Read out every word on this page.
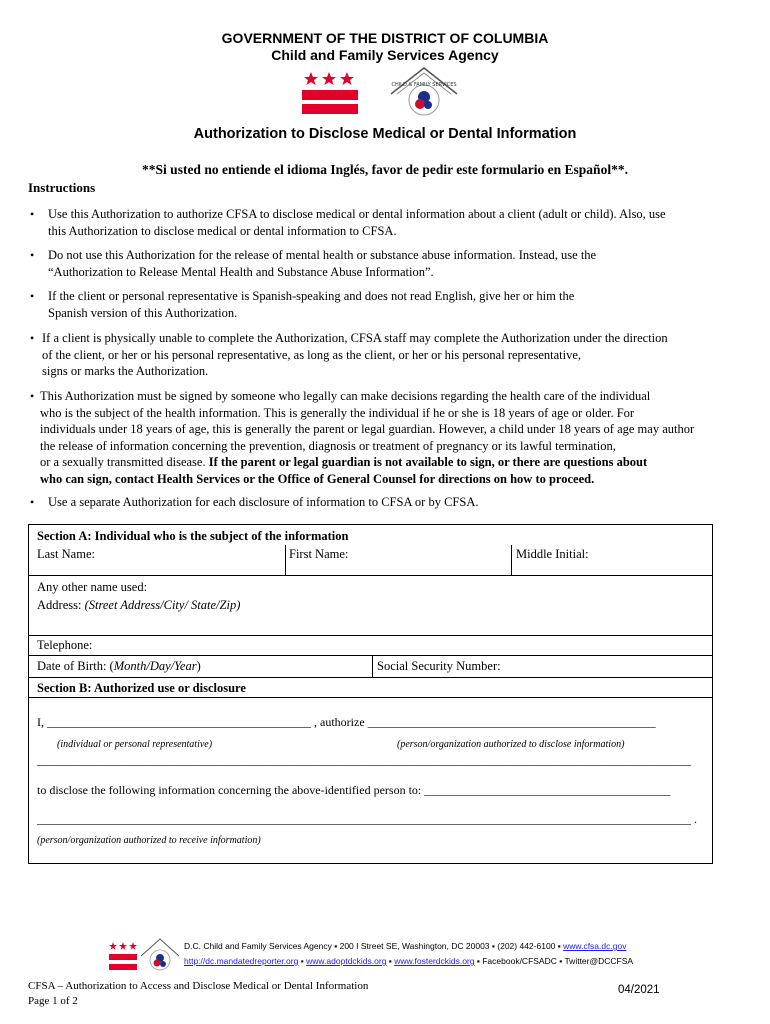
GOVERNMENT OF THE DISTRICT OF COLUMBIA
Child and Family Services Agency
CHILD & FAMILY SERVICES
Authorization to Disclose Medical or Dental Information
**Si usted no entiende el idioma Inglés, favor de pedir este formulario en Español**.
Instructions
• Use this Authorization to authorize CFSA to disclose medical or dental information about a client (adult or child). Also, use
this Authorization to disclose medical or dental information to CFSA.
• Do not use this Authorization for the release of mental health or substance abuse information. Instead, use the
“Authorization to Release Mental Health and Substance Abuse Information”.
• If the client or personal representative is Spanish-speaking and does not read English, give her or him the
Spanish version of this Authorization.
• If a client is physically unable to complete the Authorization, CFSA staff may complete the Authorization under the direction
of the client, or her or his personal representative, as long as the client, or her or his personal representative,
signs or marks the Authorization.
• This Authorization must be signed by someone who legally can make decisions regarding the health care of the individual
who is the subject of the health information. This is generally the individual if he or she is 18 years of age or older. For
individuals under 18 years of age, this is generally the parent or legal guardian. However, a child under 18 years of age may author
the release of information concerning the prevention, diagnosis or treatment of pregnancy or its lawful termination,
or a sexually transmitted disease. If the parent or legal guardian is not available to sign, or there are questions about
who can sign, contact Health Services or the Office of General Counsel for directions on how to proceed.
• Use a separate Authorization for each disclosure of information to CFSA or by CFSA.
Section A: Individual who is the subject of the information
Last Name:	First Name:	Middle Initial:
Any other name used:
Address: (Street Address/City/ State/Zip)
Telephone:
Date of Birth: (Month/Day/Year)	Social Security Number:
Section B: Authorized use or disclosure
I, ____________________________________________ , authorize ________________________________________________
(individual or personal representative)	(person/organization authorized to disclose information)
_____________________________________________________________________________________________________________
to disclose the following information concerning the above-identified person to: _________________________________________
_____________________________________________________________________________________________________________ .
(person/organization authorized to receive information)
D.C. Child and Family Services Agency ▪ 200 I Street SE, Washington, DC 20003 ▪ (202) 442-6100 ▪ www.cfsa.dc.gov
http://dc.mandatedreporter.org ▪ www.adoptdckids.org ▪ www.fosterdckids.org ▪ Facebook/CFSADC ▪ Twitter@DCCFSA
CFSA – Authorization to Access and Disclose Medical or Dental Information
Page 1 of 2
04/2021
